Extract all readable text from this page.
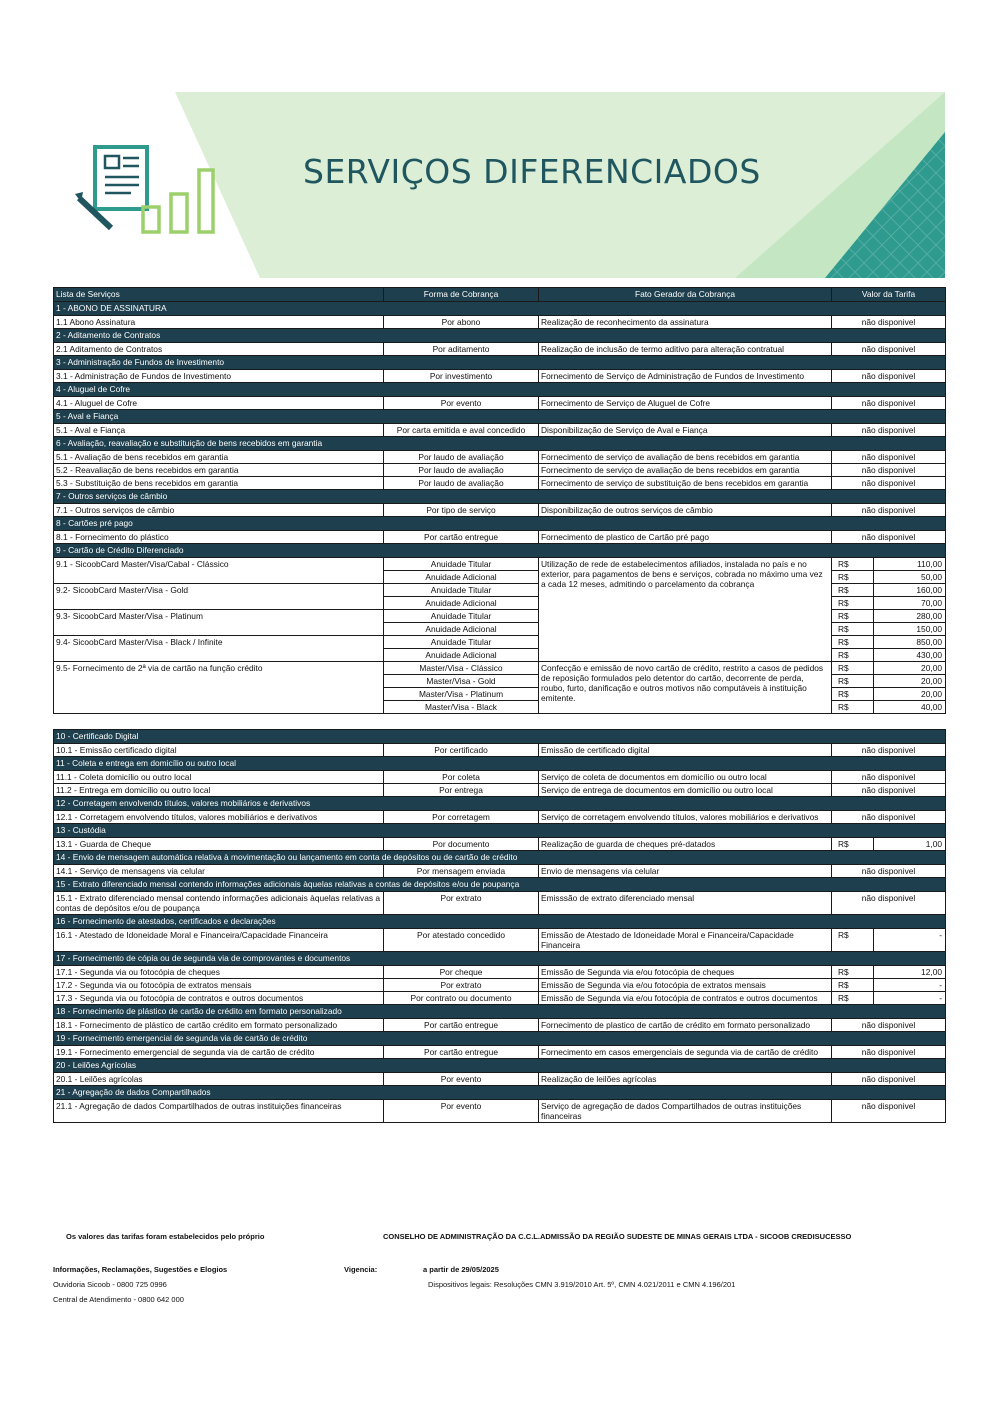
SERVIÇOS DIFERENCIADOS
Lista de Serviços	Forma de Cobrança	Fato Gerador da Cobrança	Valor da Tarifa	
1 - ABONO DE ASSINATURA				
1.1 Abono Assinatura	Por abono	Realização de reconhecimento da assinatura	não disponivel	
2 - Aditamento de Contratos				
2.1 Aditamento de Contratos	Por aditamento	Realização de inclusão de termo aditivo para alteração contratual	não disponivel	
3 - Administração de Fundos de Investimento				
3.1 - Administração de Fundos de Investimento	Por investimento	Fornecimento de Serviço de Administração de Fundos de Investimento	não disponivel	
4 - Aluguel de Cofre				
4.1 - Aluguel de Cofre	Por evento	Fornecimento de Serviço de Aluguel de Cofre	não disponivel	
5 - Aval e Fiança				
5.1 - Aval e Fiança	Por carta emitida e aval concedido	Disponibilização de Serviço de Aval e Fiança	não disponivel	
6 - Avaliação, reavaliação e substituição de bens recebidos em garantia				
5.1 - Avaliação de bens recebidos em garantia	Por laudo de avaliação	Fornecimento de serviço de avaliação de bens recebidos em garantia	não disponivel	
5.2 - Reavaliação de bens recebidos em garantia	Por laudo de avaliação	Fornecimento de serviço de avaliação de bens recebidos em garantia	não disponivel	
5.3 - Substituição de bens recebidos em garantia	Por laudo de avaliação	Fornecimento de serviço de substituição de bens recebidos em garantia	não disponivel	
7 - Outros serviços de câmbio				
7.1 - Outros serviços de câmbio	Por tipo de serviço	Disponibilização de outros serviços de câmbio	não disponivel	
8 - Cartões pré pago				
8.1 - Fornecimento do plástico	Por cartão entregue	Fornecimento de plastico de Cartão pré pago	não disponivel	
9 - Cartão de Crédito Diferenciado				
9.1 - SicoobCard Master/Visa/Cabal - Clássico	Anuidade Titular	Utilização de rede de estabelecimentos afiliados, instalada no país e no exterior, para pagamentos de bens e serviços, cobrada no máximo uma vez a cada 12 meses, admitindo o parcelamento da cobrança	R$	110,00
	Anuidade Adicional		R$	50,00
9.2- SicoobCard Master/Visa - Gold	Anuidade Titular		R$	160,00
	Anuidade Adicional		R$	70,00
9.3- SicoobCard Master/Visa - Platinum	Anuidade Titular		R$	280,00
	Anuidade Adicional		R$	150,00
9.4- SicoobCard Master/Visa - Black / Infinite	Anuidade Titular		R$	850,00
	Anuidade Adicional		R$	430,00
9.5- Fornecimento de 2ª via de cartão na função crédito	Master/Visa - Clássico	Confecção e emissão de novo cartão de crédito, restrito a casos de pedidos de reposição formulados pelo detentor do cartão, decorrente de perda, roubo, furto, danificação e outros motivos não computáveis à instituição emitente.	R$	20,00
	Master/Visa - Gold		R$	20,00
	Master/Visa - Platinum		R$	20,00
	Master/Visa - Black		R$	40,00

10 - Certificado Digital				
10.1 - Emissão certificado digital	Por certificado	Emissão de certificado digital	não disponivel	
11 - Coleta e entrega em domicílio ou outro local				
11.1 - Coleta domicílio ou outro local	Por coleta	Serviço de coleta de documentos em domicílio ou outro local	não disponivel	
11.2 - Entrega em domicílio ou outro local	Por entrega	Serviço de entrega de documentos em domicílio ou outro local	não disponivel	
12 - Corretagem envolvendo títulos, valores mobiliários e derivativos				
12.1 - Corretagem envolvendo títulos, valores mobiliários e derivativos	Por corretagem	Serviço de corretagem envolvendo títulos, valores mobiliários e derivativos	não disponivel	
13 - Custódia				
13.1 - Guarda de Cheque	Por documento	Realização de guarda de cheques pré-datados	R$	1,00
14 - Envio de mensagem automática relativa à movimentação ou lançamento em conta de depósitos ou de cartão de crédito				
14.1 - Serviço de mensagens via celular	Por mensagem enviada	Envio de mensagens via celular	não disponivel	
15 - Extrato diferenciado mensal contendo informações adicionais àquelas relativas a contas de depósitos e/ou de poupança				
15.1 - Extrato diferenciado mensal contendo informações adicionais àquelas relativas a contas de depósitos e/ou de poupança	Por extrato	Emisssão de extrato diferenciado mensal	não disponivel	
16 - Fornecimento de atestados, certificados e declarações				
16.1 - Atestado de Idoneidade Moral e Financeira/Capacidade Financeira	Por atestado concedido	Emissão de Atestado de Idoneidade Moral e Financeira/Capacidade Financeira	R$	-
17 - Fornecimento de cópia ou de segunda via de comprovantes e documentos				
17.1 - Segunda via ou fotocópia de cheques	Por cheque	Emissão de Segunda via e/ou fotocópia de cheques	R$	12,00
17.2 - Segunda via ou fotocópia de extratos mensais	Por extrato	Emissão de Segunda via e/ou fotocópia de extratos mensais	R$	-
17.3 - Segunda via ou fotocópia de contratos e outros documentos	Por contrato ou documento	Emissão de Segunda via e/ou fotocópia de contratos e outros documentos	R$	-
18 - Fornecimento de plástico de cartão de crédito em formato personalizado				
18.1 - Fornecimento de plástico de cartão crédito em formato personalizado	Por cartão entregue	Fornecimento de plastico de cartão de crédito em formato personalizado	não disponivel	
19 - Fornecimento emergencial de segunda via de cartão de crédito				
19.1 - Fornecimento emergencial de segunda via de cartão de crédito	Por cartão entregue	Fornecimento em casos emergenciais de segunda via de cartão de crédito	não disponivel	
20 - Leilões Agrícolas				
20.1 - Leilões agrícolas	Por evento	Realização de leilões agrícolas	não disponivel	
21 - Agregação de dados Compartilhados				
21.1 - Agregação de dados Compartilhados de outras instituições financeiras	Por evento	Serviço de agregação de dados Compartilhados de outras instituições financeiras	não disponivel	
Os valores das tarifas foram estabelecidos pelo próprio	CONSELHO DE ADMINISTRAÇÃO DA C.C.L.ADMISSÃO DA REGIÃO SUDESTE DE MINAS GERAIS LTDA - SICOOB CREDISUCESSO
Informações, Reclamações, Sugestões e Elogios	Vigencia:	a partir de 29/05/2025
Ouvidoria Sicoob - 0800 725 0996	Dispositivos legais: Resoluções CMN 3.919/2010 Art. 5º, CMN 4.021/2011 e CMN 4.196/201
Central de Atendimento - 0800 642 000
